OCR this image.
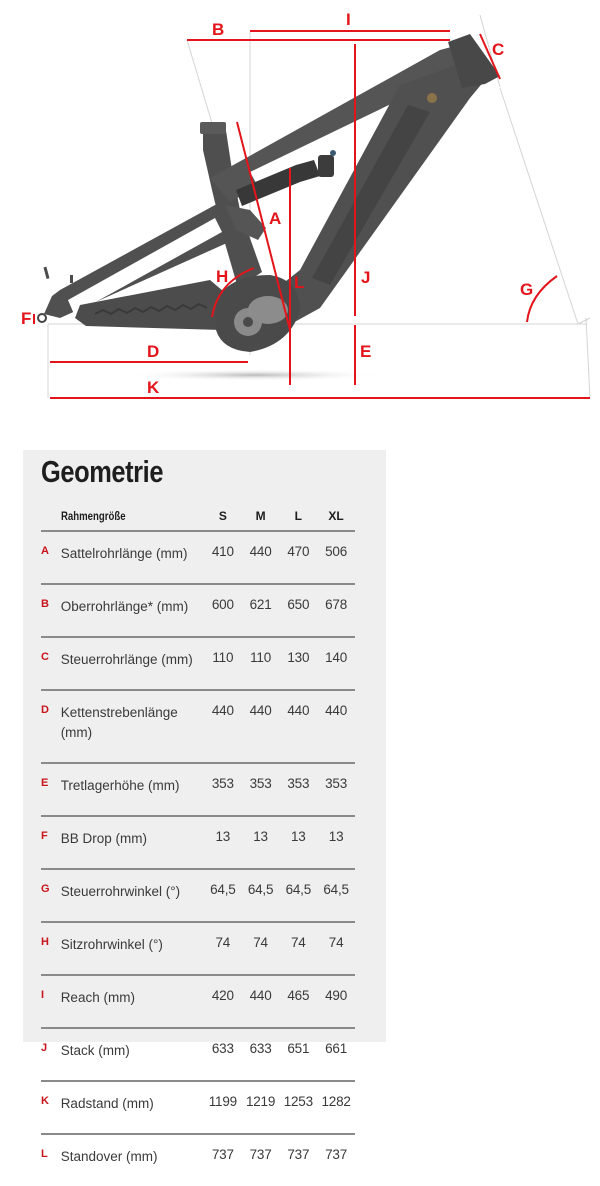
B
I
C
A
H	L	J
G
F
D	E
K
Geometrie
	Rahmengröße	S	M	L	XL
A	Sattelrohrlänge (mm)	410	440	470	506
B	Oberrohrlänge* (mm)	600	621	650	678
C	Steuerrohrlänge (mm)	110	110	130	140
D	Kettenstrebenlänge (mm)	440	440	440	440
E	Tretlagerhöhe (mm)	353	353	353	353
F	BB Drop (mm)	13	13	13	13
G	Steuerrohrwinkel (°)	64,5	64,5	64,5	64,5
H	Sitzrohrwinkel (°)	74	74	74	74
I	Reach (mm)	420	440	465	490
J	Stack (mm)	633	633	651	661
K	Radstand (mm)	1199	1219	1253	1282
L	Standover (mm)	737	737	737	737
